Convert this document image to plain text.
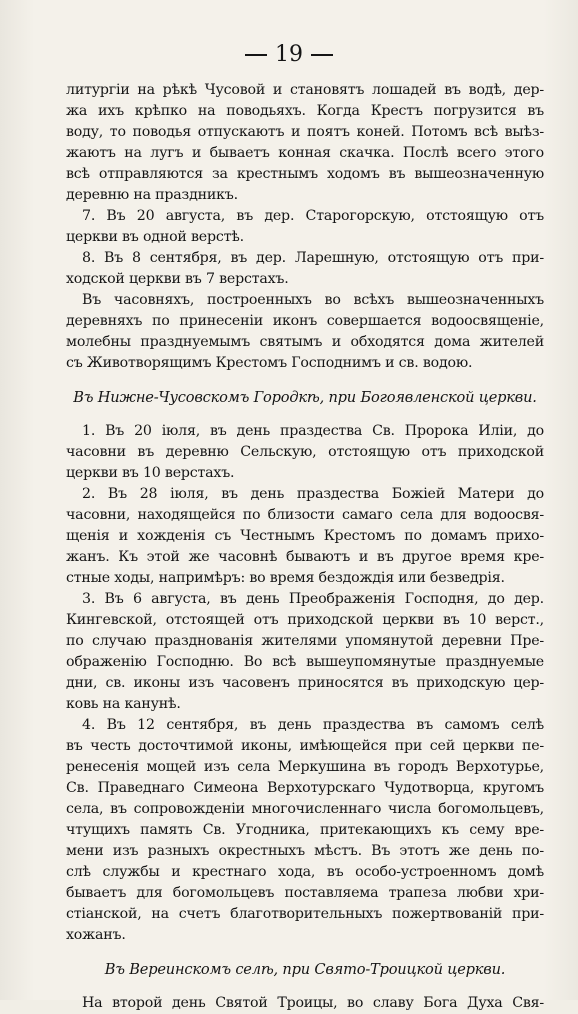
19
литургіи на рѣкѣ Чусовой и становятъ лошадей въ водѣ, дер-
жа ихъ крѣпко на поводьяхъ. Когда Крестъ погрузится въ
воду, то поводья отпускаютъ и поятъ коней. Потомъ всѣ выѣз-
жаютъ на лугъ и бываетъ конная скачка. Послѣ всего этого
всѣ отправляются за крестнымъ ходомъ въ вышеозначенную
деревню на праздникъ.
7. Въ 20 августа, въ дер. Старогорскую, отстоящую отъ
церкви въ одной верстѣ.
8. Въ 8 сентября, въ дер. Ларешную, отстоящую отъ при-
ходской церкви въ 7 верстахъ.
Въ часовняхъ, построенныхъ во всѣхъ вышеозначенныхъ
деревняхъ по принесеніи иконъ совершается водоосвященіе,
молебны празднуемымъ святымъ и обходятся дома жителей
съ Животворящимъ Крестомъ Господнимъ и св. водою.
Въ Нижне-Чусовскомъ Городкѣ, при Богоявленской церкви.
1. Въ 20 іюля, въ день праздества Св. Пророка Иліи, до
часовни въ деревню Сельскую, отстоящую отъ приходской
церкви въ 10 верстахъ.
2. Въ 28 іюля, въ день праздества Божіей Матери до
часовни, находящейся по близости самаго села для водоосвя-
щенія и хожденія съ Честнымъ Крестомъ по домамъ прихо-
жанъ. Къ этой же часовнѣ бываютъ и въ другое время кре-
стные ходы, напримѣръ: во время бездождія или безведрія.
3. Въ 6 августа, въ день Преображенія Господня, до дер.
Кингевской, отстоящей отъ приходской церкви въ 10 верст.,
по случаю празднованія жителями упомянутой деревни Пре-
ображенію Господню. Во всѣ вышеупомянутые празднуемые
дни, св. иконы изъ часовенъ приносятся въ приходскую цер-
ковь на канунѣ.
4. Въ 12 сентября, въ день праздества въ самомъ селѣ
въ честь досточтимой иконы, имѣющейся при сей церкви пе-
ренесенія мощей изъ села Меркушина въ городъ Верхотурье,
Св. Праведнаго Симеона Верхотурскаго Чудотворца, кругомъ
села, въ сопровожденіи многочисленнаго числа богомольцевъ,
чтущихъ память Св. Угодника, притекающихъ къ сему вре-
мени изъ разныхъ окрестныхъ мѣстъ. Въ этотъ же день по-
слѣ службы и крестнаго хода, въ особо-устроенномъ домѣ
бываетъ для богомольцевъ поставляема трапеза любви хри-
стіанской, на счетъ благотворительныхъ пожертвованій при-
хожанъ.
Въ Вереинскомъ селѣ, при Свято-Троицкой церкви.
На второй день Святой Троицы, во славу Бога Духа Свя-
